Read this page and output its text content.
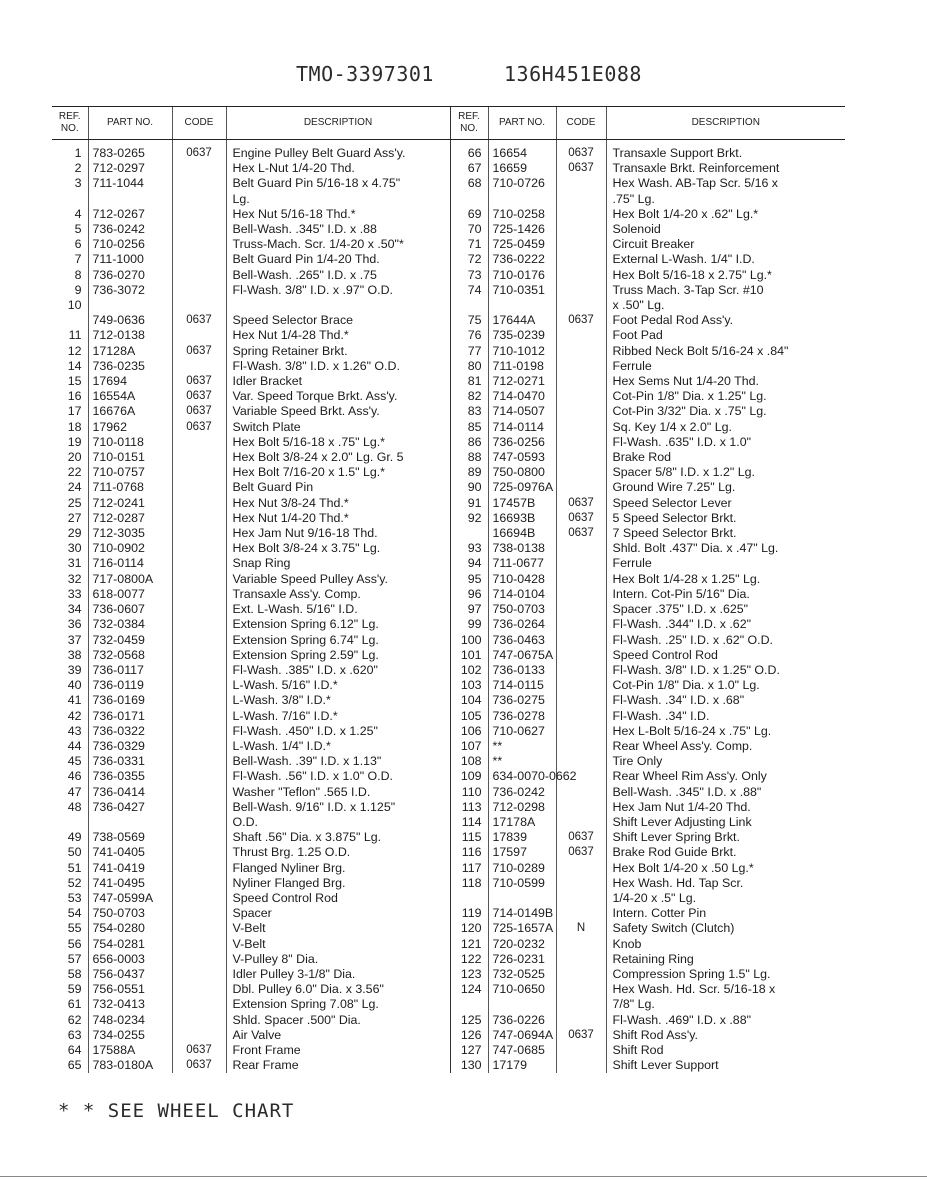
TMO-3397301	136H451E088
REF. NO.	PART NO.	CODE	DESCRIPTION	REF. NO.	PART NO.	CODE	DESCRIPTION
1	783-0265	0637	Engine Pulley Belt Guard Ass'y.	66	16654	0637	Transaxle Support Brkt.
2	712-0297		Hex L-Nut 1/4-20 Thd.	67	16659	0637	Transaxle Brkt. Reinforcement
3	711-1044		Belt Guard Pin 5/16-18 x 4.75"	68	710-0726		Hex Wash. AB-Tap Scr. 5/16 x
			Lg.				.75" Lg.
4	712-0267		Hex Nut 5/16-18 Thd.*	69	710-0258		Hex Bolt 1/4-20 x .62" Lg.*
5	736-0242		Bell-Wash. .345" I.D. x .88	70	725-1426		Solenoid
6	710-0256		Truss-Mach. Scr. 1/4-20 x .50"*	71	725-0459		Circuit Breaker
7	711-1000		Belt Guard Pin 1/4-20 Thd.	72	736-0222		External L-Wash. 1/4" I.D.
8	736-0270		Bell-Wash. .265" I.D. x .75	73	710-0176		Hex Bolt 5/16-18 x 2.75" Lg.*
9	736-3072		Fl-Wash. 3/8" I.D. x .97" O.D.	74	710-0351		Truss Mach. 3-Tap Scr. #10
10							x .50" Lg.
	749-0636	0637	Speed Selector Brace	75	17644A	0637	Foot Pedal Rod Ass'y.
11	712-0138		Hex Nut 1/4-28 Thd.*	76	735-0239		Foot Pad
12	17128A	0637	Spring Retainer Brkt.	77	710-1012		Ribbed Neck Bolt 5/16-24 x .84"
14	736-0235		Fl-Wash. 3/8" I.D. x 1.26" O.D.	80	711-0198		Ferrule
15	17694	0637	Idler Bracket	81	712-0271		Hex Sems Nut 1/4-20 Thd.
16	16554A	0637	Var. Speed Torque Brkt. Ass'y.	82	714-0470		Cot-Pin 1/8" Dia. x 1.25" Lg.
17	16676A	0637	Variable Speed Brkt. Ass'y.	83	714-0507		Cot-Pin 3/32" Dia. x .75" Lg.
18	17962	0637	Switch Plate	85	714-0114		Sq. Key 1/4 x 2.0" Lg.
19	710-0118		Hex Bolt 5/16-18 x .75" Lg.*	86	736-0256		Fl-Wash. .635" I.D. x 1.0"
20	710-0151		Hex Bolt 3/8-24 x 2.0" Lg. Gr. 5	88	747-0593		Brake Rod
22	710-0757		Hex Bolt 7/16-20 x 1.5" Lg.*	89	750-0800		Spacer 5/8" I.D. x 1.2" Lg.
24	711-0768		Belt Guard Pin	90	725-0976A		Ground Wire 7.25" Lg.
25	712-0241		Hex Nut 3/8-24 Thd.*	91	17457B	0637	Speed Selector Lever
27	712-0287		Hex Nut 1/4-20 Thd.*	92	16693B	0637	5 Speed Selector Brkt.
29	712-3035		Hex Jam Nut 9/16-18 Thd.		16694B	0637	7 Speed Selector Brkt.
30	710-0902		Hex Bolt 3/8-24 x 3.75" Lg.	93	738-0138		Shld. Bolt .437" Dia. x .47" Lg.
31	716-0114		Snap Ring	94	711-0677		Ferrule
32	717-0800A		Variable Speed Pulley Ass'y.	95	710-0428		Hex Bolt 1/4-28 x 1.25" Lg.
33	618-0077		Transaxle Ass'y. Comp.	96	714-0104		Intern. Cot-Pin 5/16" Dia.
34	736-0607		Ext. L-Wash. 5/16" I.D.	97	750-0703		Spacer .375" I.D. x .625"
36	732-0384		Extension Spring 6.12" Lg.	99	736-0264		Fl-Wash. .344" I.D. x .62"
37	732-0459		Extension Spring 6.74" Lg.	100	736-0463		Fl-Wash. .25" I.D. x .62" O.D.
38	732-0568		Extension Spring 2.59" Lg.	101	747-0675A		Speed Control Rod
39	736-0117		Fl-Wash. .385" I.D. x .620"	102	736-0133		Fl-Wash. 3/8" I.D. x 1.25" O.D.
40	736-0119		L-Wash. 5/16" I.D.*	103	714-0115		Cot-Pin 1/8" Dia. x 1.0" Lg.
41	736-0169		L-Wash. 3/8" I.D.*	104	736-0275		Fl-Wash. .34" I.D. x .68"
42	736-0171		L-Wash. 7/16" I.D.*	105	736-0278		Fl-Wash. .34" I.D.
43	736-0322		Fl-Wash. .450" I.D. x 1.25"	106	710-0627		Hex L-Bolt 5/16-24 x .75" Lg.
44	736-0329		L-Wash. 1/4" I.D.*	107	**		Rear Wheel Ass'y. Comp.
45	736-0331		Bell-Wash. .39" I.D. x 1.13"	108	**		Tire Only
46	736-0355		Fl-Wash. .56" I.D. x 1.0" O.D.	109	634-0070-0662		Rear Wheel Rim Ass'y. Only
47	736-0414		Washer "Teflon" .565 I.D.	110	736-0242		Bell-Wash. .345" I.D. x .88"
48	736-0427		Bell-Wash. 9/16" I.D. x 1.125"	113	712-0298		Hex Jam Nut 1/4-20 Thd.
			O.D.	114	17178A		Shift Lever Adjusting Link
49	738-0569		Shaft .56" Dia. x 3.875" Lg.	115	17839	0637	Shift Lever Spring Brkt.
50	741-0405		Thrust Brg. 1.25 O.D.	116	17597	0637	Brake Rod Guide Brkt.
51	741-0419		Flanged Nyliner Brg.	117	710-0289		Hex Bolt 1/4-20 x .50 Lg.*
52	741-0495		Nyliner Flanged Brg.	118	710-0599		Hex Wash. Hd. Tap Scr.
53	747-0599A		Speed Control Rod				1/4-20 x .5" Lg.
54	750-0703		Spacer	119	714-0149B		Intern. Cotter Pin
55	754-0280		V-Belt	120	725-1657A	N	Safety Switch (Clutch)
56	754-0281		V-Belt	121	720-0232		Knob
57	656-0003		V-Pulley 8" Dia.	122	726-0231		Retaining Ring
58	756-0437		Idler Pulley 3-1/8" Dia.	123	732-0525		Compression Spring 1.5" Lg.
59	756-0551		Dbl. Pulley 6.0" Dia. x 3.56"	124	710-0650		Hex Wash. Hd. Scr. 5/16-18 x
61	732-0413		Extension Spring 7.08" Lg.				7/8" Lg.
62	748-0234		Shld. Spacer .500" Dia.	125	736-0226		Fl-Wash. .469" I.D. x .88"
63	734-0255		Air Valve	126	747-0694A	0637	Shift Rod Ass'y.
64	17588A	0637	Front Frame	127	747-0685		Shift Rod
65	783-0180A	0637	Rear Frame	130	17179		Shift Lever Support
* * SEE WHEEL CHART
